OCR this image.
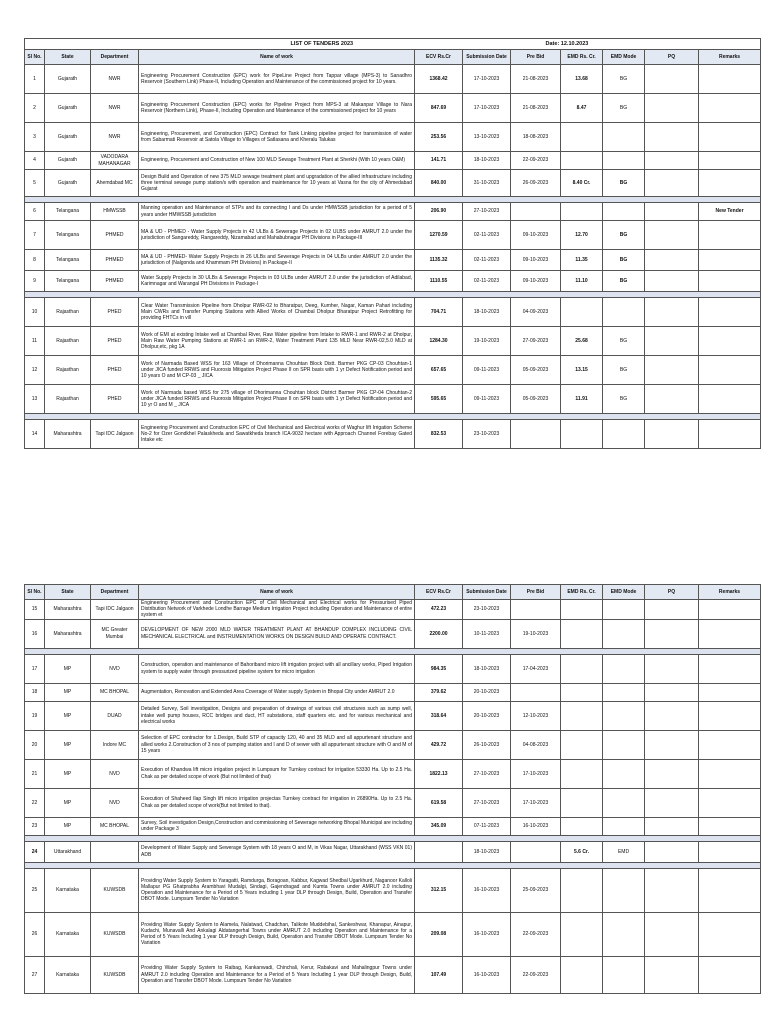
LIST OF TENDERS 2023						Date: 12.10.2023				
Sl No.	State	Department	Name of work	ECV Rs.Cr	Submission Date	Pre Bid	EMD Rs. Cr.	EMD Mode	PQ	Remarks
1	Gujarath	NWR	Engineering Procurement Construction (EPC) work for PipeLine Project from Tappar village (MPS-3) to Sanadhro Reservoir (Southern Link) Phase-II, Including Operation and Maintenance of the commissioned project for 10 years.	1368.42	17-10-2023	21-08-2023	13.68	BG		
2	Gujarath	NWR	Engineering Procurement Construction (EPC) works for Pipeline Project from MPS-3 at Makanpar Village to Nara Reservoir (Northern Link), Phase-II, Including Operation and Maintenance of the commissioned project for 10 years	847.69	17-10-2023	21-08-2023	8.47	BG		
3	Gujarath	NWR	Engineering, Procurement, and Construction (EPC) Contract for Tank Linking pipeline project for transmission of water from Sabarmati Reservoir at Satola Village to Villages of Satlasana and Kheralu Talukas	253.56	13-10-2023	18-08-2023				
4	Gujarath	VADODARA MAHANAGAR	Engineering, Procurement and Construction of New 100 MLD Sewage Treatment Plant at Sherkhi (With 10 years O&M)	141.71	18-10-2023	22-09-2023				
5	Gujarath	Ahemdabad MC	Design Build and Operation of new 375 MLD sewage treatment plant and upgradation of the allied infrastructure including three terminal sewage pump station/s with operation and maintenance for 10 years at Vasna for the city of Ahmedabad Gujarat	840.00	31-10-2023	26-09-2023	8.40 Cr.	BG		

6	Telangana	HMWSSB	Manning operation and Maintenance of STPs and its connecting I and Ds under HMWSSB jurisdiction for a period of 5 years under HMWSSB jurisdiction	206.90	27-10-2023					New Tender
7	Telangana	PHMED	MA & UD - PHMED - Water Supply Projects in 42 ULBs & Sewerage Projects in 02 ULBS under AMRUT 2.0 under the jurisdiction of Sangareddy, Rangareddy, Nizamabad and Mahabubnagar PH Divisions in Package-III	1270.59	02-11-2023	09-10-2023	12.70	BG		
8	Telangana	PHMED	MA & UD - PHMED- Water Supply Projects in 26 ULBs and Sewerage Projects in 04 ULBs under AMRUT 2.0 under the jurisdiction of (Nalgonda and Khammam PH Divisions) in Package-II	1135.32	02-11-2023	09-10-2023	11.35	BG		
9	Telangana	PHMED	Water Supply Projects in 30 ULBs & Sewerage Projects in 03 ULBs under AMRUT 2.0 under the jurisdiction of Adilabad, Karimnagar and Warangal PH Divisions in Package-I	1110.55	02-11-2023	09-10-2023	11.10	BG		

10	Rajasthan	PHED	Clear Water Transmission Pipeline from Dholpur RWR-02 to Bharatpur, Deeg, Kumher, Nagar, Kaman Pahari including Main CWRs and Transfer Pumping Stations with Allied Works of Chambal Dholpur Bharatpur Project Retrofitting for providing FHTCs in vill	704.71	18-10-2023	04-09-2023				
11	Rajasthan	PHED	Work of EMI at existing Intake well at Chambal River, Raw Water pipeline from Intake to RWR-1 and RWR-2 at Dholpur, Main Raw Water Pumping Stations at RWR-1 an RWR-2, Water Treatment Plant 135 MLD Near RWR-02,5.0 MLD at Dholpur,etc, pkg 1A	1284.30	19-10-2023	27-09-2023	25.68	BG		
12	Rajasthan	PHED	Work of Narmada Based WSS for 163 Village of Dhorimanna Chouhtan Block Distt. Barmer PKG CP-03 Chouhtan-1 under JICA funded RRWS and Fluorosis Mitigation Project Phase II on SPR basis with 1 yr Defect Notification period and 10 years O and M CP-03 _ JICA	657.65	09-11-2023	05-09-2023	13.15	BG		
13	Rajasthan	PHED	Work of Narmada based WSS for 275 village of Dhorimanna Chouhtan block District Barmer PKG CP-04 Chouhtan-2 under JICA funded RRWS and Fluorosis Mitigation Project Phase II on SPR basis with 1 yr Defect Notification period and 10 yr O and M _ JICA	595.65	09-11-2023	05-09-2023	11.91	BG		

14	Maharashtra	Tapi IDC Jalgaon	Engineering Procurement and Construction EPC of Civil Mechanical and Electrical works of Waghur lift Irrigation Scheme No-2 for Ozer Gondkhel Palaskheda and Sawatkheda branch ICA-9032 hectare with Approach Channel Forebay Gated Intake etc	832.53	23-10-2023					
Sl No.	State	Department	Name of work	ECV Rs.Cr	Submission Date	Pre Bid	EMD Rs. Cr.	EMD Mode	PQ	Remarks
15	Maharashtra	Tapi IDC Jalgaon	Engineering Procurement and Construction EPC of Civil Mechanical and Electrical works for Pressurised Piped Distribution Network of Varkhede Londhe Barrage Medium Irrigation Project including Operation and Maintenance of entire system et	472.23	23-10-2023					
16	Maharashtra	MC Greater Mumbai	DEVELOPMENT OF NEW 2000 MLD WATER TREATMENT PLANT AT BHANDUP COMPLEX INCLUDING CIVIL MECHANICAL ELECTRICAL and INSTRUMENTATION WORKS ON DESIGN BUILD AND OPERATE CONTRACT.	2200.00	10-11-2023	19-10-2023				

17	MP	NVD	Construction, operation and maintenance of Bahoriband micro lift irrigation project with all ancillary works, Piped Irrigation system to supply water through pressurized pipeline system for micro irrigation	984.35	18-10-2023	17-04-2023				
18	MP	MC BHOPAL	Augmentation, Renovation and Extended Area Coverage of Water supply System in Bhopal City under AMRUT 2.0	379.62	20-10-2023					
19	MP	DUAD	Detailed Survey, Soil investigation, Designs and preparation of drawings of various civil structures such as sump well, intake well pump houses, RCC bridges and duct, HT substations, staff quarters etc. and for various mechanical and electrical works	318.64	20-10-2023	12-10-2023				
20	MP	Indore MC	Selection of EPC contractor for 1.Design, Build STP of capacity 120, 40 and 35 MLD and all appurtenant structure and allied works 2.Construction of 3 nos of pumping station and I and D of sewer with all appurtenant structure with O and M of 15 years	429.72	26-10-2023	04-08-2023				
21	MP	NVD	Execution of Khandwa lift micro irrigation project in Lumpsum for Turnkey contract for irrigation 53330 Ha. Up to 2.5 Ha. Chak as per detailed scope of work (But not limited of that)	1822.13	27-10-2023	17-10-2023				
22	MP	NVD	Execution of Shaheed Ilap Singh lift micro irrigation projectas Turnkey contract for irrigation in 26890Ha. Up to 2.5 Ha. Chak as per detailed scope of work(But not limited to that).	619.58	27-10-2023	17-10-2023				
23	MP	MC BHOPAL	Survey, Soil investigation Design,Construction and commissioning of Sewerage networking Bhopal Municipal are including under Package 3	345.09	07-11-2023	16-10-2023				

24	Uttarakhand		Development of Water Supply and Sewerage System with 18 years O and M, in Vikas Nagar, Uttarakhand (WSS VKN 01) ADB		18-10-2023		5.6 Cr.	EMD		

25	Karnataka	KUWSDB	Providing Water Supply System to Yaragatti, Ramdurga, Boragoan, Kabbur, Kagwad Shedbal Ugarkhurd, Naganoor Kalloli Mallapur PG Ghatprabha Arambhavi Mudalgi, Sindagi, Gajendragad and Kumta Towns under AMRUT 2.0 including Operation and Maintenance for a Period of 5 Years including 1 year DLP through Design, Build, Operation and Transfer DBOT Mode. Lumpsum Tender No Variation	312.15	16-10-2023	25-09-2023				
26	Karnataka	KUWSDB	Providing Water Supply System to Alamela, Nalatwad, Chadchan, Talikote Muddebihal, Sankeshwar, Khanapur, Ainapur, Kudachi, Munavalli And Ankalagi Aldatangerhal Towns under AMRUT 2.0 including Operation and Maintenance for a Period of 5 Years Including 1 year DLP through Design, Build, Operation and Transfer DBOT Mode. Lumpsum Tender No Variation	209.08	16-10-2023	22-09-2023				
27	Karnataka	KUWSDB	Providing Water Supply System to Raibag, Kankanwadi, Chinchali, Kerur, Rabakavi and Mahalingpur Towns under AMRUT 2.0 including Operation and Maintenance for a Period of 5 Years Including 1 year DLP through Design, Build, Operation and Transfer DBOT Mode. Lumpsum Tender No Variation	107.49	16-10-2023	22-09-2023				
